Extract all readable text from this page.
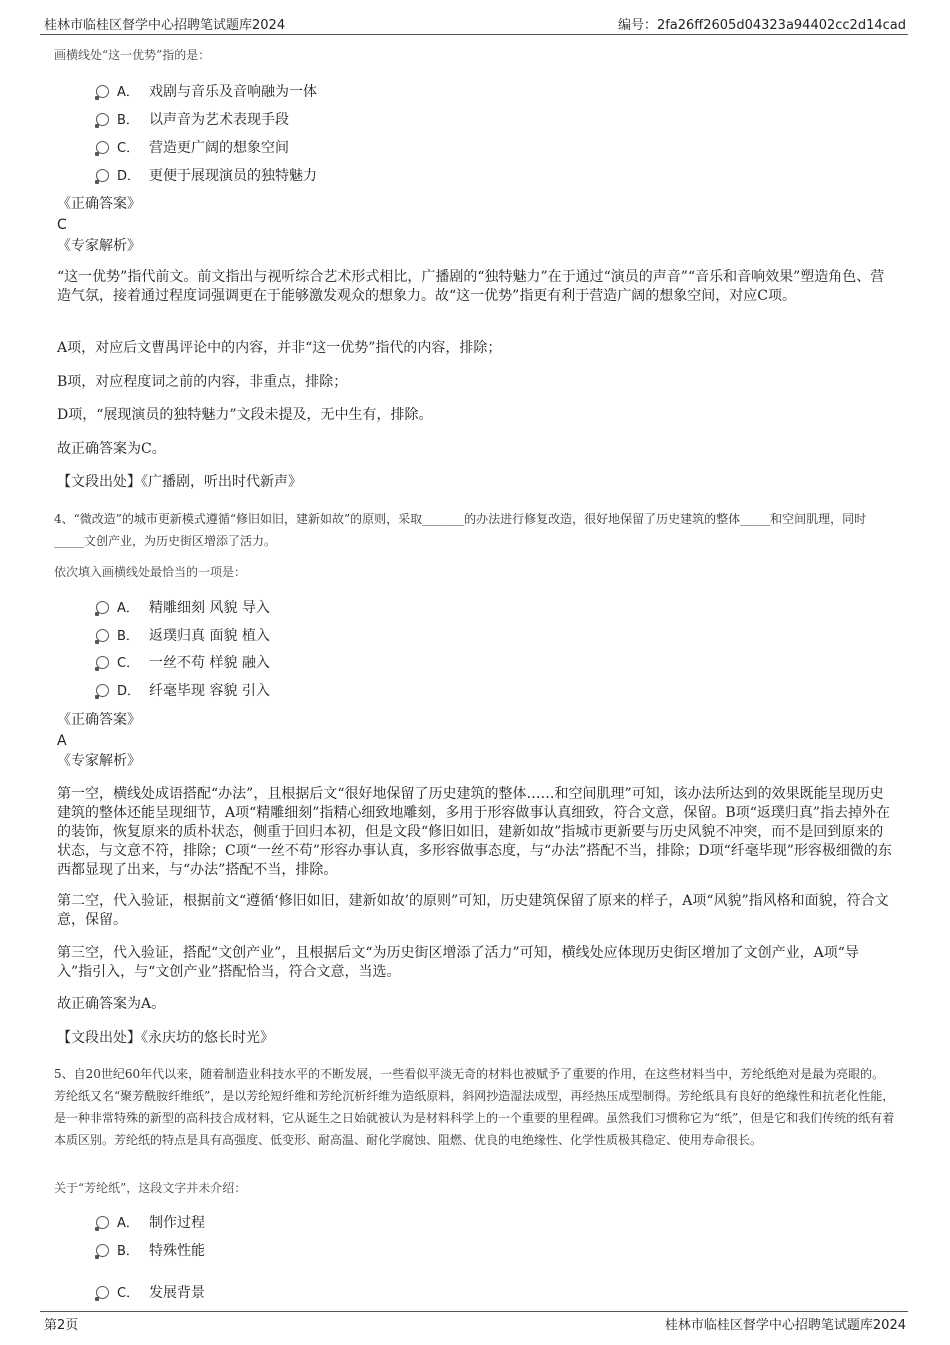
桂林市临桂区督学中心招聘笔试题库2024	编号：2fa26ff2605d04323a94402cc2d14cad
画横线处“这一优势”指的是：
A． 戏剧与音乐及音响融为一体
B． 以声音为艺术表现手段
C． 营造更广阔的想象空间
D． 更便于展现演员的独特魅力
《正确答案》
C
《专家解析》
“这一优势”指代前文。前文指出与视听综合艺术形式相比，广播剧的“独特魅力”在于通过“演员的声音”“音乐和音响效果”塑造角色、营造气氛，接着通过程度词强调更在于能够激发观众的想象力。故“这一优势”指更有利于营造广阔的想象空间，对应C项。
A项，对应后文曹禺评论中的内容，并非“这一优势”指代的内容，排除；
B项，对应程度词之前的内容，非重点，排除；
D项，“展现演员的独特魅力”文段未提及，无中生有，排除。
故正确答案为C。
【文段出处】《广播剧，听出时代新声》
4、“微改造”的城市更新模式遵循“修旧如旧，建新如故”的原则，采取_______的办法进行修复改造，很好地保留了历史建筑的整体_____和空间肌理，同时_____文创产业，为历史街区增添了活力。
依次填入画横线处最恰当的一项是：
A． 精雕细刻 风貌 导入
B． 返璞归真 面貌 植入
C． 一丝不苟 样貌 融入
D． 纤毫毕现 容貌 引入
《正确答案》
A
《专家解析》
第一空，横线处成语搭配“办法”，且根据后文“很好地保留了历史建筑的整体……和空间肌理”可知，该办法所达到的效果既能呈现历史建筑的整体还能呈现细节，A项“精雕细刻”指精心细致地雕刻，多用于形容做事认真细致，符合文意，保留。B项“返璞归真”指去掉外在的装饰，恢复原来的质朴状态，侧重于回归本初，但是文段“修旧如旧，建新如故”指城市更新要与历史风貌不冲突，而不是回到原来的状态，与文意不符，排除；C项“一丝不苟”形容办事认真，多形容做事态度，与“办法”搭配不当，排除；D项“纤毫毕现”形容极细微的东西都显现了出来，与“办法”搭配不当，排除。
第二空，代入验证，根据前文“遵循‘修旧如旧，建新如故’的原则”可知，历史建筑保留了原来的样子，A项“风貌”指风格和面貌，符合文意，保留。
第三空，代入验证，搭配“文创产业”，且根据后文“为历史街区增添了活力”可知，横线处应体现历史街区增加了文创产业，A项“导入”指引入，与“文创产业”搭配恰当，符合文意，当选。
故正确答案为A。
【文段出处】《永庆坊的悠长时光》
5、自20世纪60年代以来，随着制造业科技水平的不断发展，一些看似平淡无奇的材料也被赋予了重要的作用，在这些材料当中，芳纶纸绝对是最为亮眼的。芳纶纸又名“聚芳酰胺纤维纸”，是以芳纶短纤维和芳纶沉析纤维为造纸原料，斜网抄造湿法成型，再经热压成型制得。芳纶纸具有良好的绝缘性和抗老化性能，是一种非常特殊的新型的高科技合成材料，它从诞生之日始就被认为是材料科学上的一个重要的里程碑。虽然我们习惯称它为“纸”，但是它和我们传统的纸有着本质区别。芳纶纸的特点是具有高强度、低变形、耐高温、耐化学腐蚀、阻燃、优良的电绝缘性、化学性质极其稳定、使用寿命很长。
关于“芳纶纸”，这段文字并未介绍：
A． 制作过程
B． 特殊性能
C． 发展背景
第2页	桂林市临桂区督学中心招聘笔试题库2024
